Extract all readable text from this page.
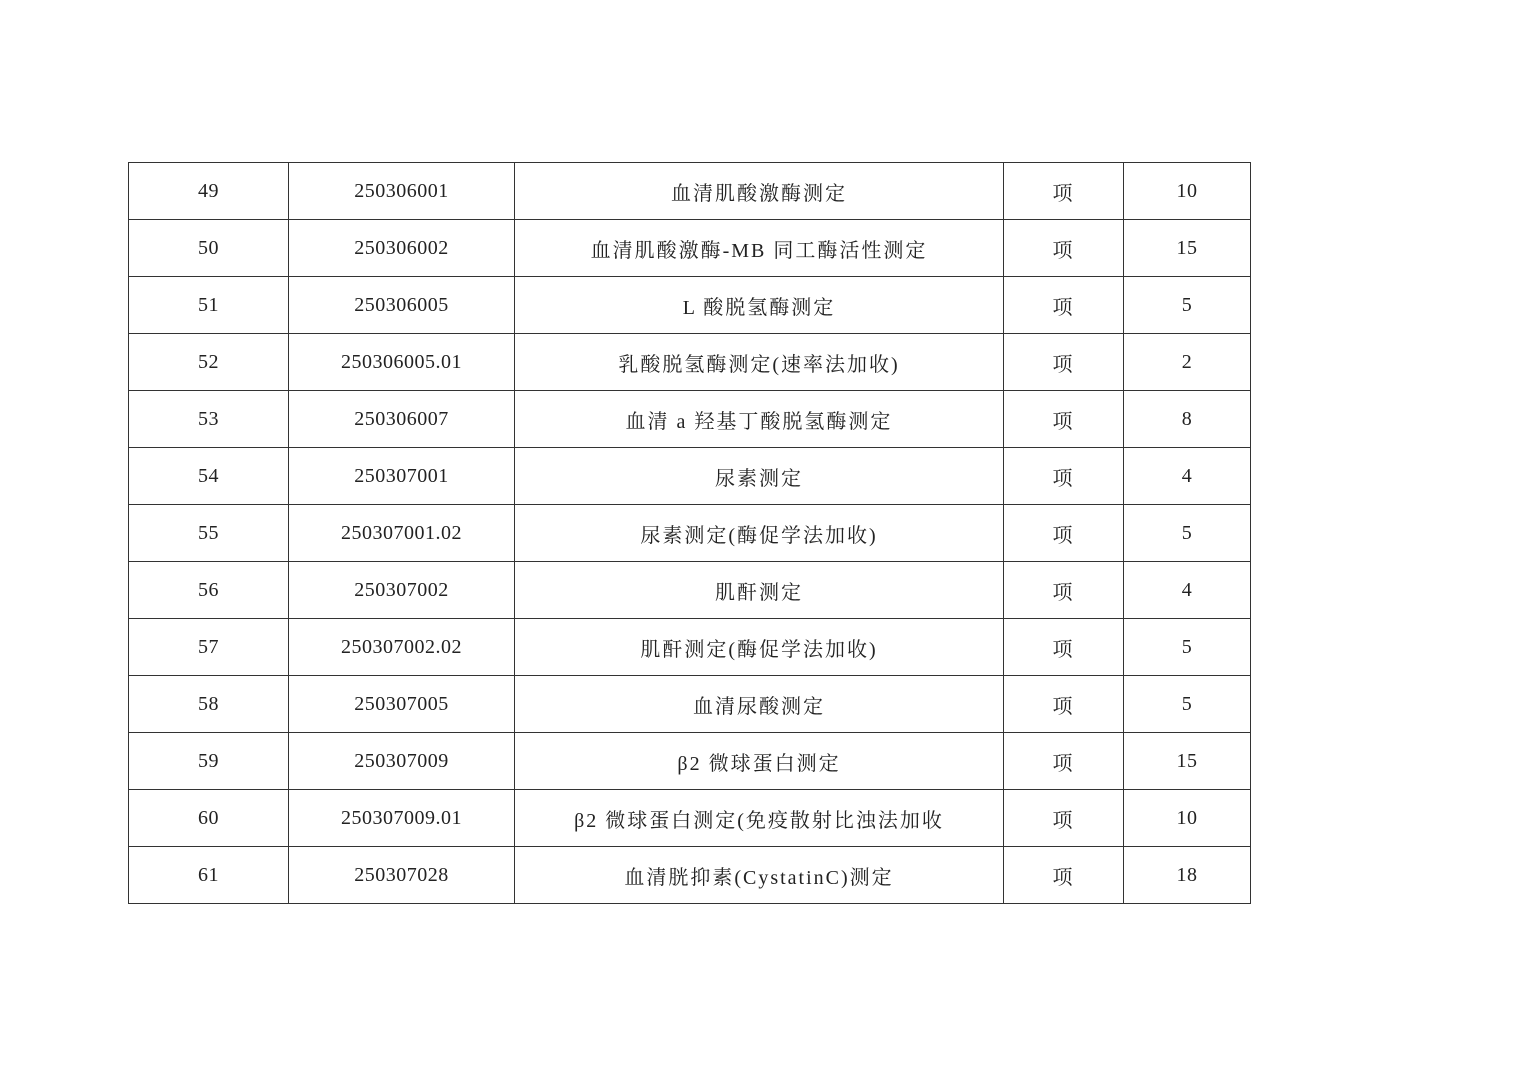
49	250306001	血清肌酸激酶测定	项	10
50	250306002	血清肌酸激酶-MB 同工酶活性测定	项	15
51	250306005	L 酸脱氢酶测定	项	5
52	250306005.01	乳酸脱氢酶测定(速率法加收)	项	2
53	250306007	血清 a 羟基丁酸脱氢酶测定	项	8
54	250307001	尿素测定	项	4
55	250307001.02	尿素测定(酶促学法加收)	项	5
56	250307002	肌酐测定	项	4
57	250307002.02	肌酐测定(酶促学法加收)	项	5
58	250307005	血清尿酸测定	项	5
59	250307009	β2 微球蛋白测定	项	15
60	250307009.01	β2 微球蛋白测定(免疫散射比浊法加收	项	10
61	250307028	血清胱抑素(CystatinC)测定	项	18
